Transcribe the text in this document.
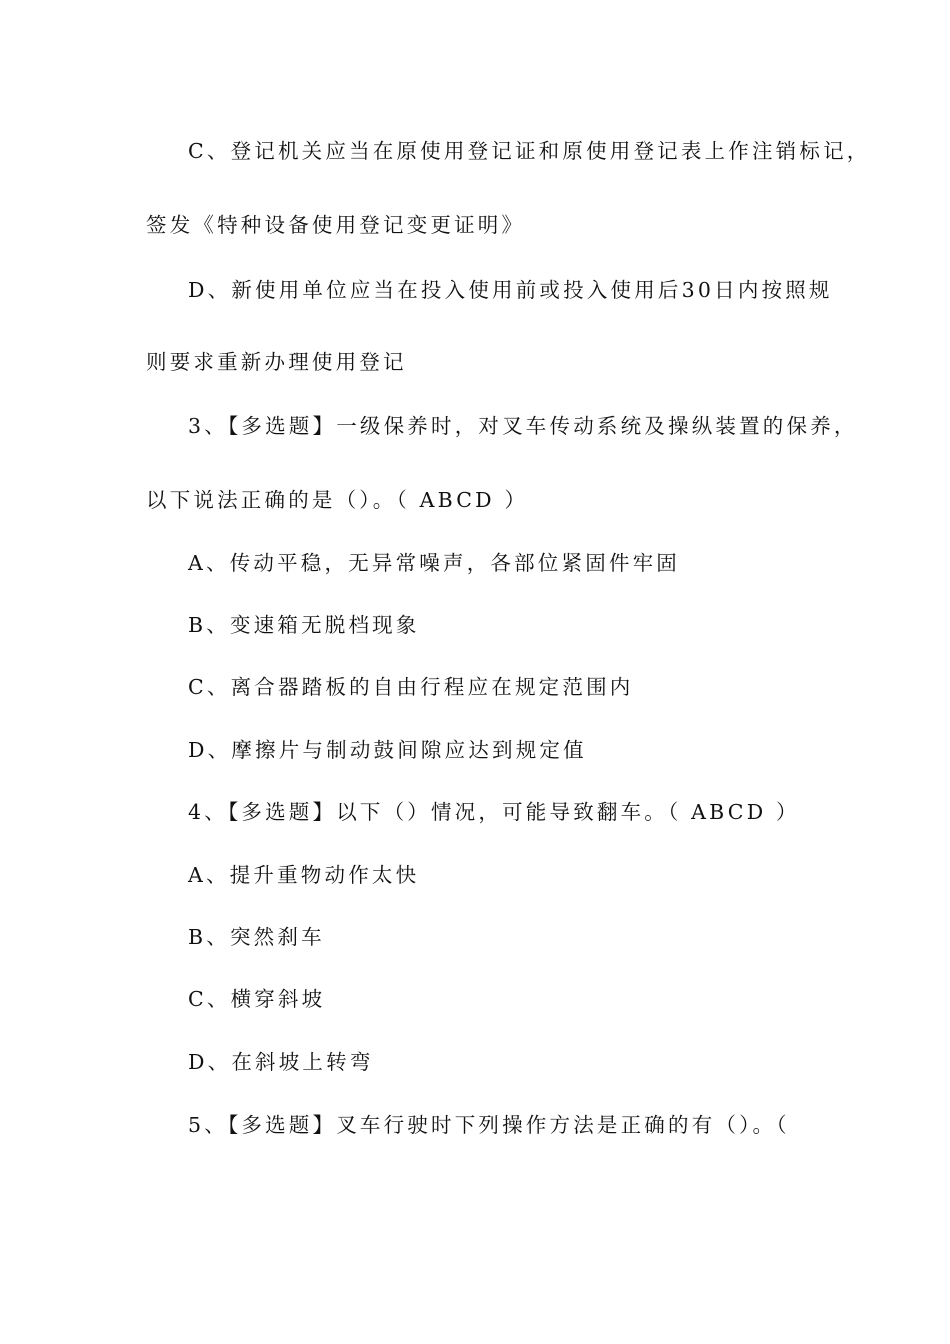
C、登记机关应当在原使用登记证和原使用登记表上作注销标记，
签发《特种设备使用登记变更证明》
D、新使用单位应当在投入使用前或投入使用后30日内按照规
则要求重新办理使用登记
3、【多选题】一级保养时，对叉车传动系统及操纵装置的保养，
以下说法正确的是（）。（ ABCD ）
A、传动平稳，无异常噪声，各部位紧固件牢固
B、变速箱无脱档现象
C、离合器踏板的自由行程应在规定范围内
D、摩擦片与制动鼓间隙应达到规定值
4、【多选题】以下（）情况，可能导致翻车。（ ABCD ）
A、提升重物动作太快
B、突然刹车
C、横穿斜坡
D、在斜坡上转弯
5、【多选题】叉车行驶时下列操作方法是正确的有（）。（
